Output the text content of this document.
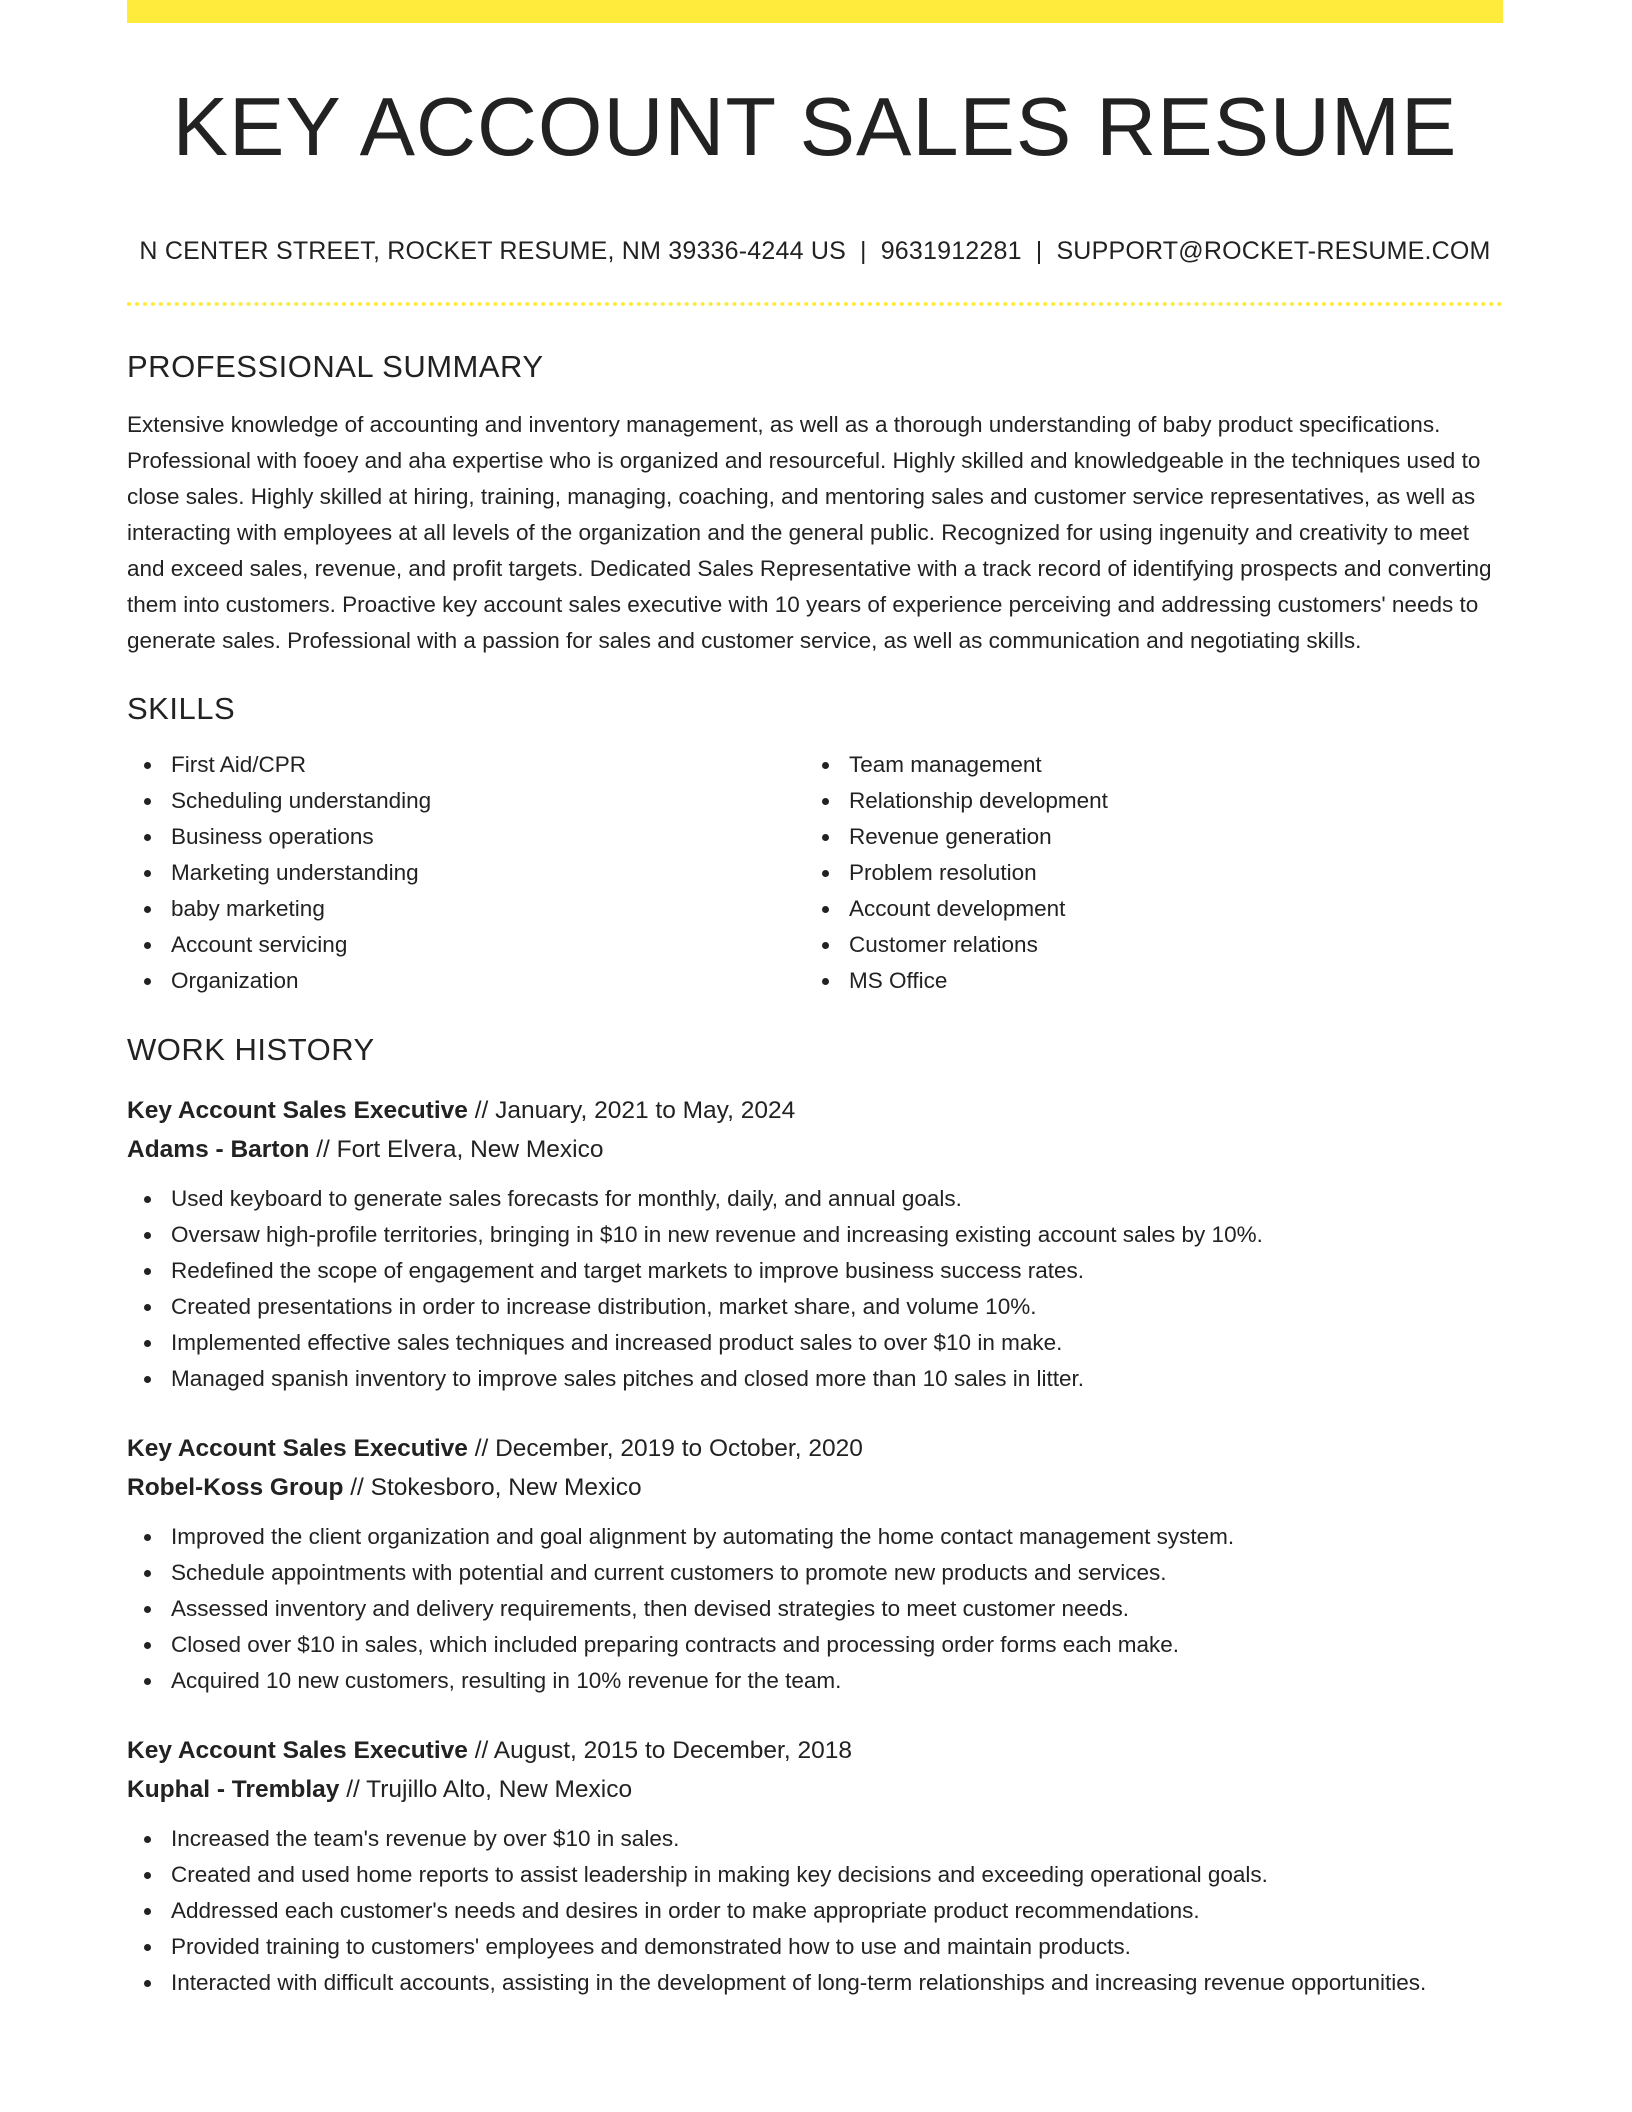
KEY ACCOUNT SALES RESUME
N CENTER STREET, ROCKET RESUME, NM 39336-4244 US | 9631912281 | SUPPORT@ROCKET-RESUME.COM
PROFESSIONAL SUMMARY

Extensive knowledge of accounting and inventory management, as well as a thorough understanding of baby product specifications. Professional with fooey and aha expertise who is organized and resourceful. Highly skilled and knowledgeable in the techniques used to close sales. Highly skilled at hiring, training, managing, coaching, and mentoring sales and customer service representatives, as well as interacting with employees at all levels of the organization and the general public. Recognized for using ingenuity and creativity to meet and exceed sales, revenue, and profit targets. Dedicated Sales Representative with a track record of identifying prospects and converting them into customers. Proactive key account sales executive with 10 years of experience perceiving and addressing customers' needs to generate sales. Professional with a passion for sales and customer service, as well as communication and negotiating skills.

SKILLS
First Aid/CPR
Scheduling understanding
Business operations
Marketing understanding
baby marketing
Account servicing
Organization
Team management
Relationship development
Revenue generation
Problem resolution
Account development
Customer relations
MS Office
WORK HISTORY
Key Account Sales Executive // January, 2021 to May, 2024
Adams - Barton // Fort Elvera, New Mexico
Used keyboard to generate sales forecasts for monthly, daily, and annual goals.
Oversaw high-profile territories, bringing in $10 in new revenue and increasing existing account sales by 10%.
Redefined the scope of engagement and target markets to improve business success rates.
Created presentations in order to increase distribution, market share, and volume 10%.
Implemented effective sales techniques and increased product sales to over $10 in make.
Managed spanish inventory to improve sales pitches and closed more than 10 sales in litter.
Key Account Sales Executive // December, 2019 to October, 2020
Robel-Koss Group // Stokesboro, New Mexico
Improved the client organization and goal alignment by automating the home contact management system.
Schedule appointments with potential and current customers to promote new products and services.
Assessed inventory and delivery requirements, then devised strategies to meet customer needs.
Closed over $10 in sales, which included preparing contracts and processing order forms each make.
Acquired 10 new customers, resulting in 10% revenue for the team.
Key Account Sales Executive // August, 2015 to December, 2018
Kuphal - Tremblay // Trujillo Alto, New Mexico
Increased the team's revenue by over $10 in sales.
Created and used home reports to assist leadership in making key decisions and exceeding operational goals.
Addressed each customer's needs and desires in order to make appropriate product recommendations.
Provided training to customers' employees and demonstrated how to use and maintain products.
Interacted with difficult accounts, assisting in the development of long-term relationships and increasing revenue opportunities.
